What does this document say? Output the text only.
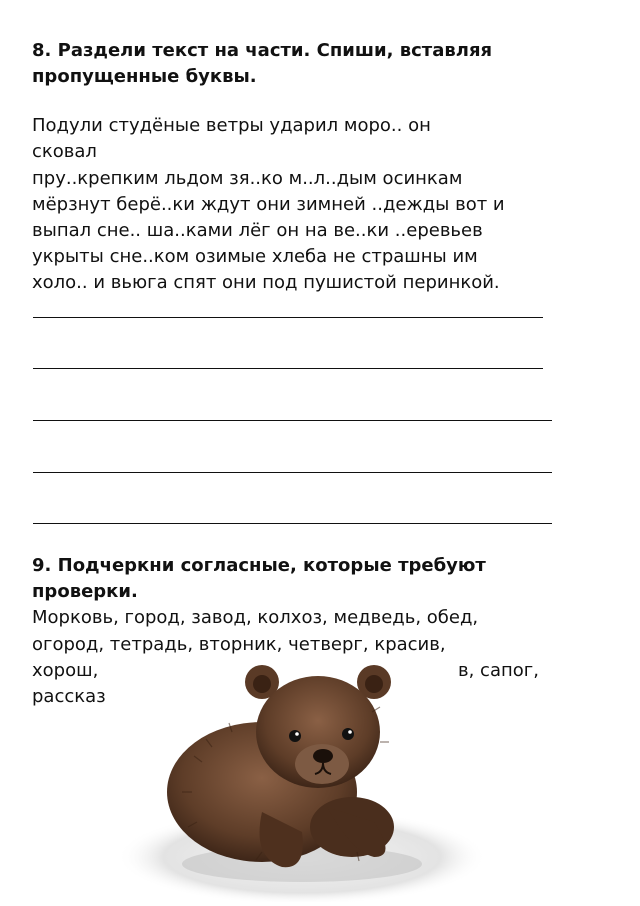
8. Раздели текст на части. Спиши, вставляя

пропущенные буквы.

Подули студёные ветры ударил моро.. он

сковал

пру..крепким льдом зя..ко м..л..дым осинкам

мёрзнут берё..ки ждут они зимней ..дежды вот и

выпал сне.. ша..ками лёг он на ве..ки ..еревьев

укрыты сне..ком озимые хлеба не страшны им

холо.. и вьюга спят они под пушистой перинкой.

9. Подчеркни согласные, которые требуют

проверки.

Морковь, город, завод, колхоз, медведь, обед,

огород, тетрадь, вторник, четверг, красив,

хорош,	в, сапог,

рассказ
